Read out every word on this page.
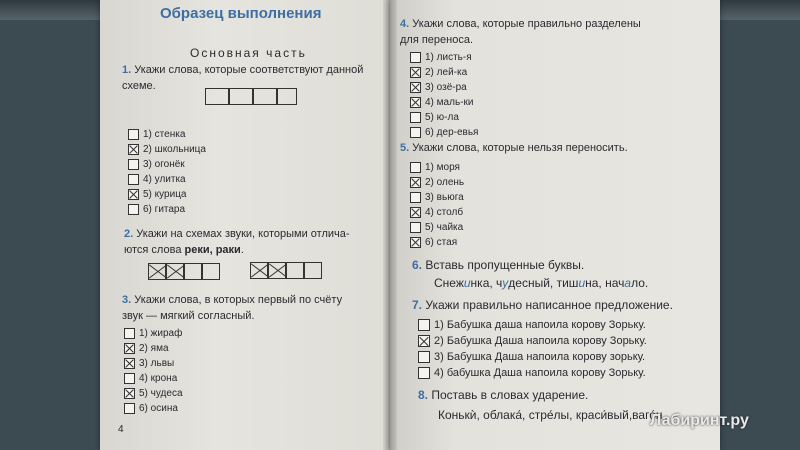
Образец выполнения
Основная часть
1. Укажи слова, которые соответствуют данной
схеме.
1) стенка
2) школьница
3) огонёк
4) улитка
5) курица
6) гитара
2. Укажи на схемах звуки, которыми отлича-
ются слова реки, раки.
3. Укажи слова, в которых первый по счёту
звук — мягкий согласный.
1) жираф
2) яма
3) львы
4) крона
5) чудеса
6) осина
4
4. Укажи слова, которые правильно разделены
для переноса.
1) листь-я
2) лей-ка
3) озё-ра
4) маль-ки
5) ю-ла
6) дер-евья
5. Укажи слова, которые нельзя переносить.
1) моря
2) олень
3) вьюга
4) столб
5) чайка
6) стая
6. Вставь пропущенные буквы.
Снежинка, чудесный, тишина, начало.
7. Укажи правильно написанное предложение.
1) Бабушка даша напоила корову Зорьку.
2) Бабушка Даша напоила корову Зорьку.
3) Бабушка Даша напоила корову зорьку.
4) бабушка Даша напоила корову Зорьку.
8. Поставь в словах ударение.
Конькѝ, облака́, стре́лы, краси́вый,ваго́н.
Лабиринт.ру
